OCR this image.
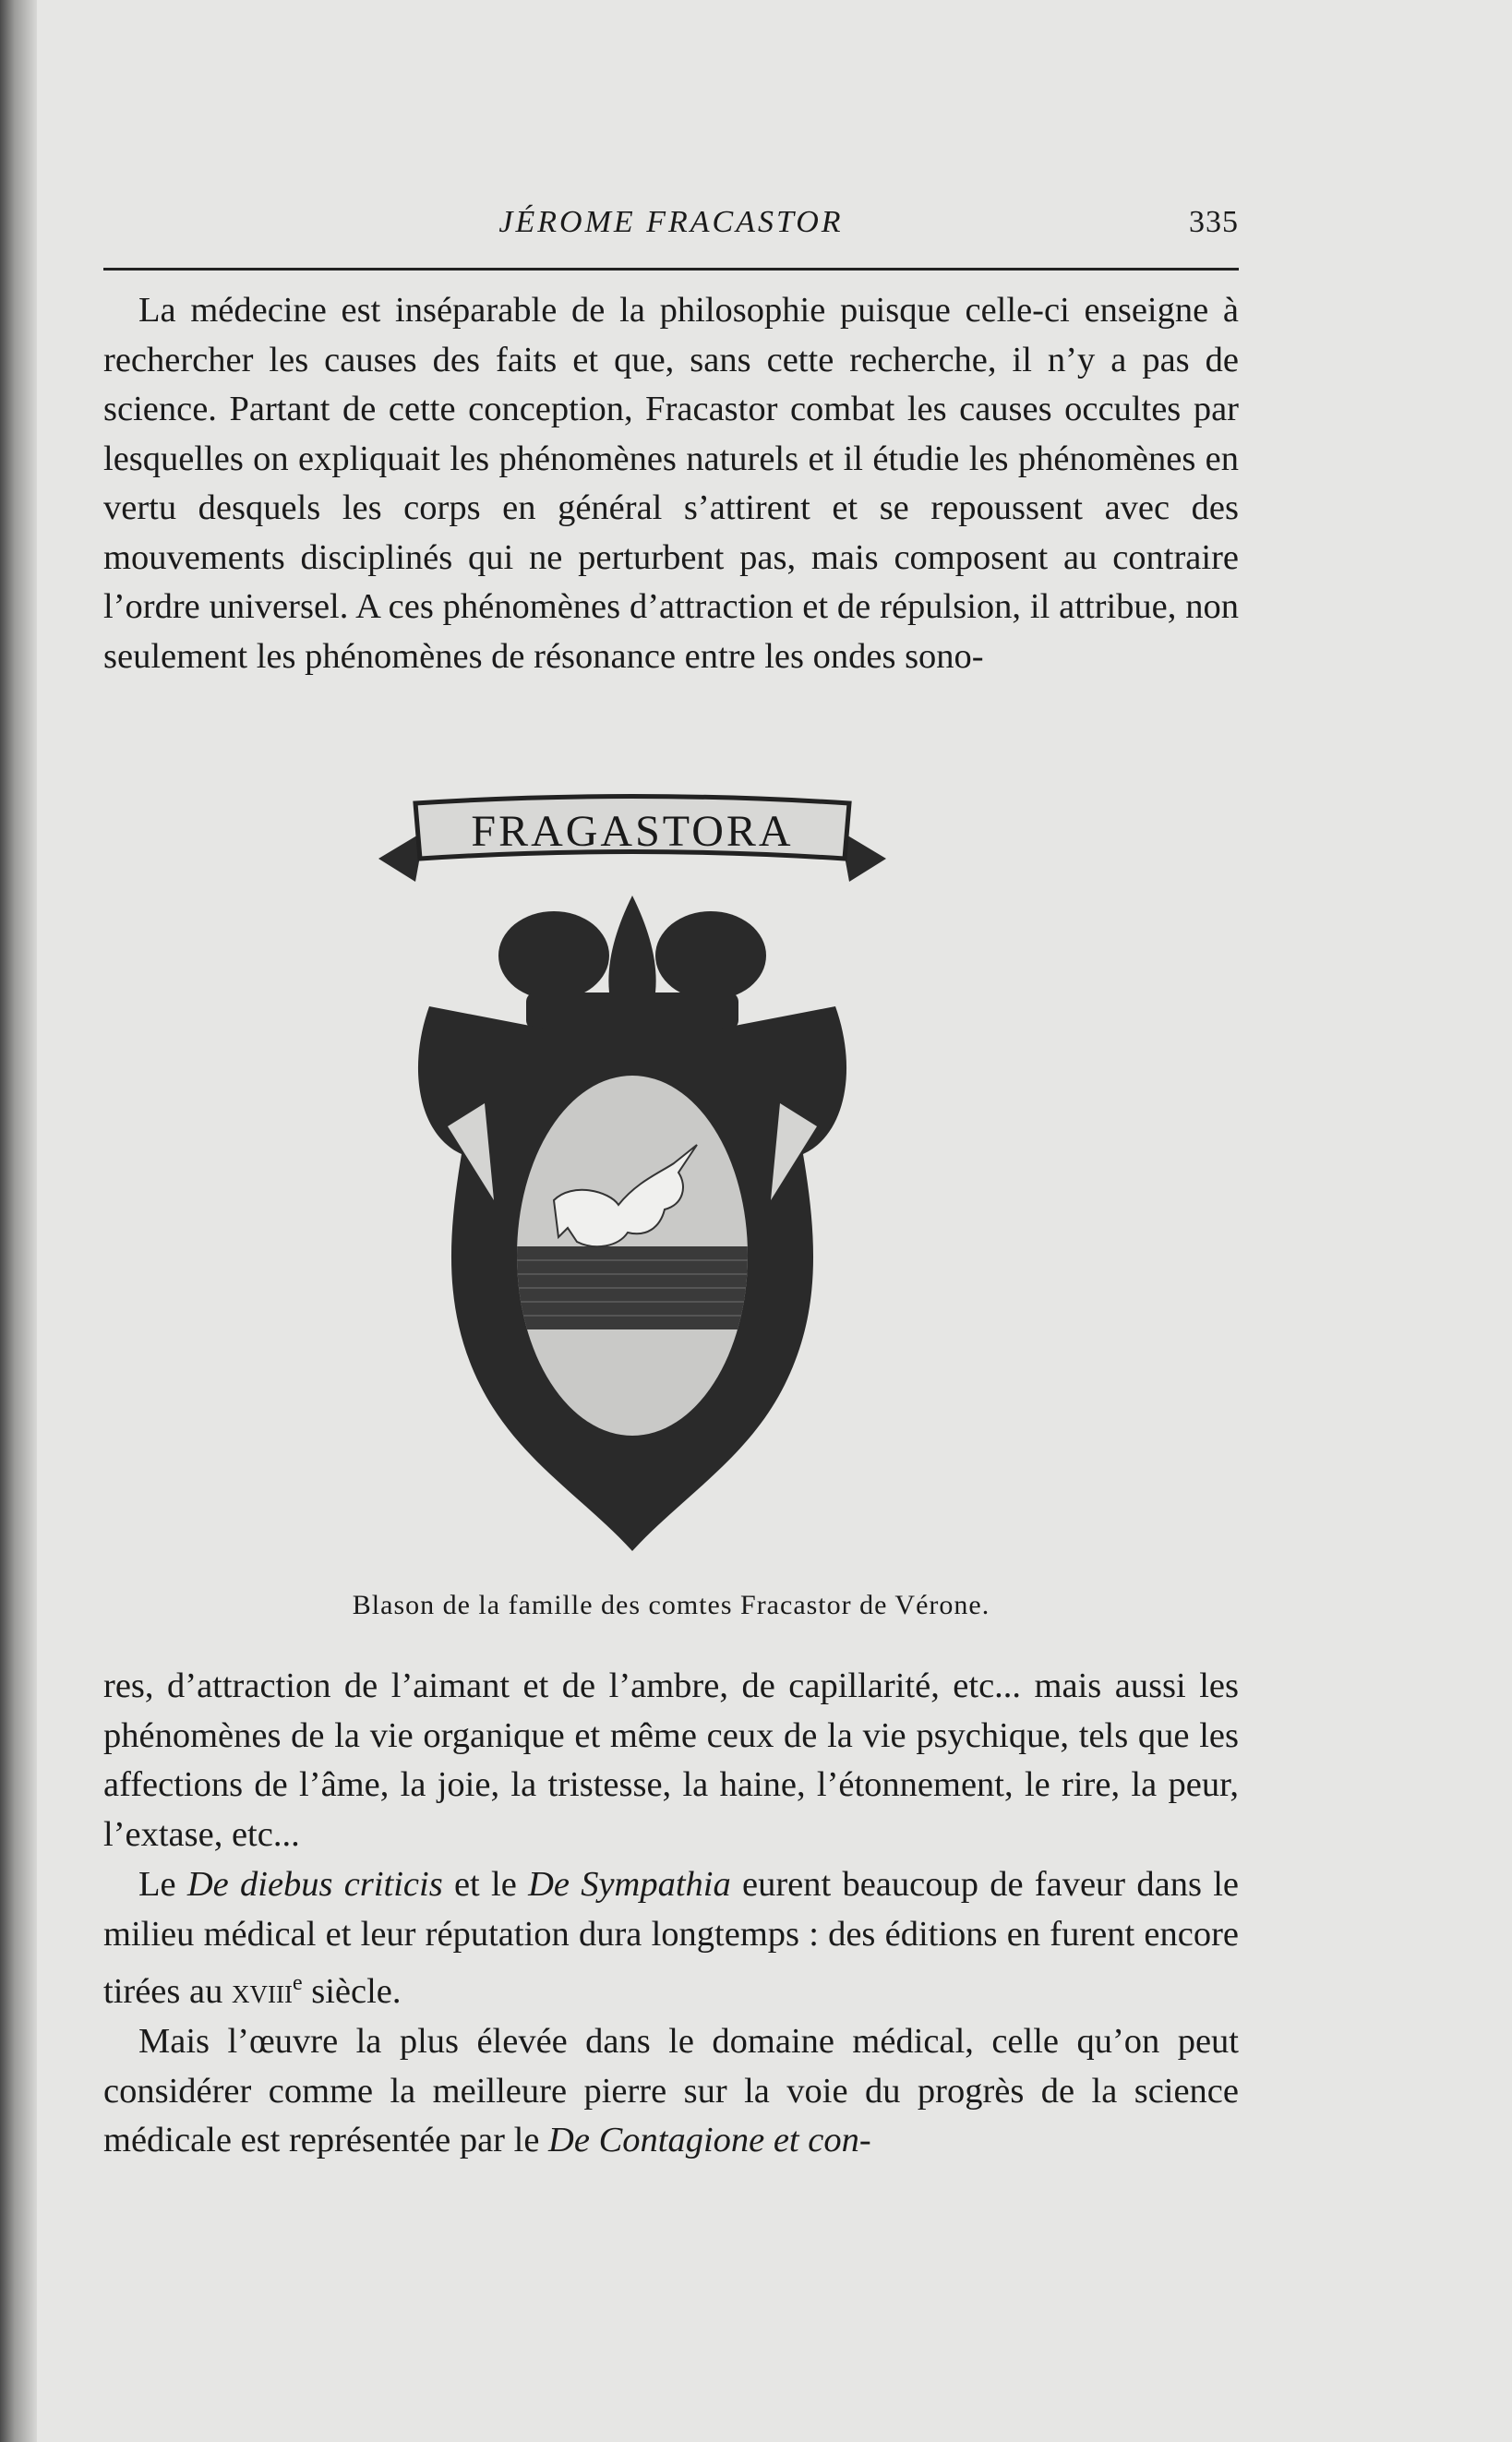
JÉROME FRACASTOR	335

La médecine est inséparable de la philosophie puisque celle-ci enseigne à rechercher les causes des faits et que, sans cette recherche, il n’y a pas de science. Partant de cette conception, Fracastor combat les causes occultes par lesquelles on expliquait les phénomènes naturels et il étudie les phénomènes en vertu desquels les corps en général s’attirent et se repoussent avec des mouvements disciplinés qui ne perturbent pas, mais composent au contraire l’ordre universel. A ces phénomènes d’attraction et de répulsion, il attribue, non seulement les phénomènes de résonance entre les ondes sono-

FRAGASTORA
Blason de la famille des comtes Fracastor de Vérone.

res, d’attraction de l’aimant et de l’ambre, de capillarité, etc... mais aussi les phénomènes de la vie organique et même ceux de la vie psychique, tels que les affections de l’âme, la joie, la tristesse, la haine, l’étonnement, le rire, la peur, l’extase, etc...

Le De diebus criticis et le De Sympathia eurent beaucoup de faveur dans le milieu médical et leur réputation dura longtemps : des éditions en furent encore tirées au xviii$^e$ siècle.

Mais l’œuvre la plus élevée dans le domaine médical, celle qu’on peut considérer comme la meilleure pierre sur la voie du progrès de la science médicale est représentée par le De Contagione et con-
